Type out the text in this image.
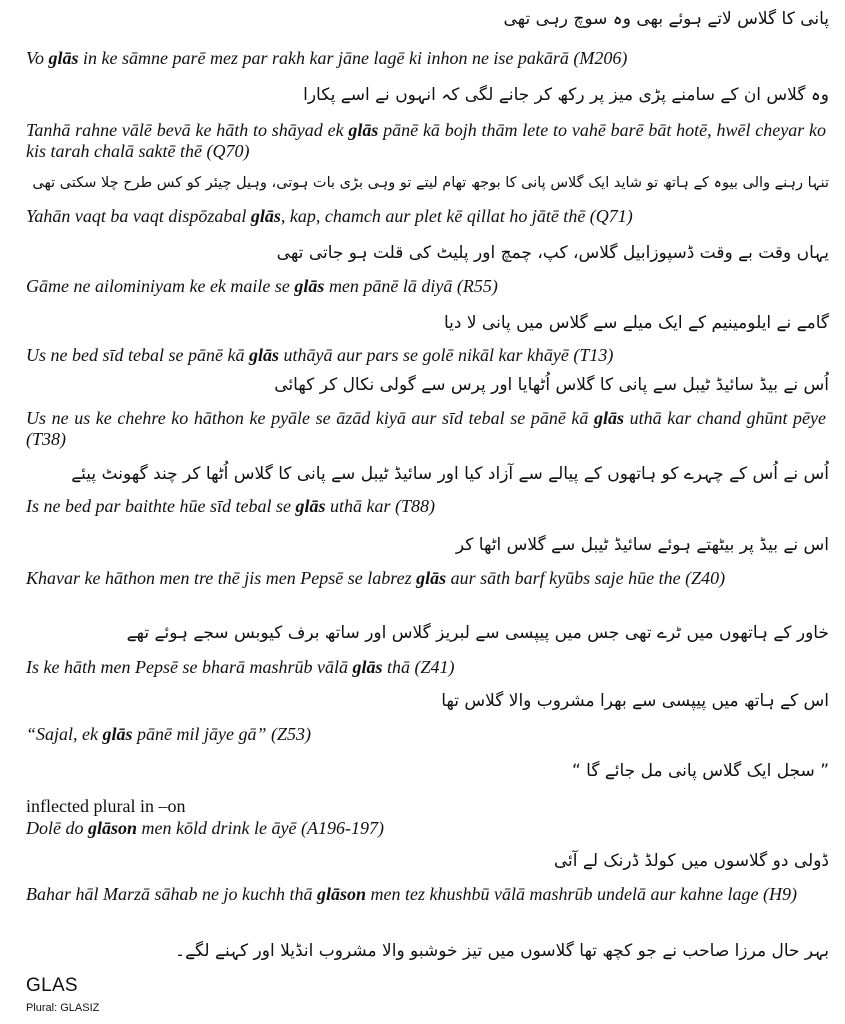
پانی کا گلاس لاتے ہوئے بھی وہ سوچ رہی تھی
Vo glās in ke sāmne parē mez par rakh kar jāne lagē ki inhon ne ise pakārā (M206)
وہ گلاس ان کے سامنے پڑی میز پر رکھ کر جانے لگی کہ انہوں نے اسے پکارا
Tanhā rahne vālē bevā ke hāth to shāyad ek glās pānē kā bojh thām lete to vahē barē bāt hotē, hwēl cheyar ko kis tarah chalā saktē thē (Q70)
تنہا رہنے والی بیوہ کے ہاتھ تو شاید ایک گلاس پانی کا بوجھ تھام لیتے تو وہی بڑی بات ہوتی، وہیل چیئر کو کس طرح چلا سکتی تھی
Yahān vaqt ba vaqt dispōzabal glās, kap, chamch aur plet kē qillat ho jātē thē (Q71)
یہاں وقت بے وقت ڈسپوزابیل گلاس، کپ، چمچ اور پلیٹ کی قلت ہو جاتی تھی
Gāme ne ailominiyam ke ek maile se glās men pānē lā diyā (R55)
گامے نے ایلومینیم کے ایک میلے سے گلاس میں پانی لا دیا
Us ne bed sīd tebal se pānē kā glās uthāyā aur pars se golē nikāl kar khāyē (T13)
اُس نے بیڈ سائیڈ ٹیبل سے پانی کا گلاس اُٹھایا اور پرس سے گولی نکال کر کھائی
Us ne us ke chehre ko hāthon ke pyāle se āzād kiyā aur sīd tebal se pānē kā glās uthā kar chand ghūnt pēye (T38)
اُس نے اُس کے چہرے کو ہاتھوں کے پیالے سے آزاد کیا اور سائیڈ ٹیبل سے پانی کا گلاس اُٹھا کر چند گھونٹ پیئے
Is ne bed par baithte hūe sīd tebal se glās uthā kar (T88)
اس نے بیڈ پر بیٹھتے ہوئے سائیڈ ٹیبل سے گلاس اٹھا کر
Khavar ke hāthon men tre thē jis men Pepsē se labrez glās aur sāth barf kyūbs saje hūe the (Z40)
خاور کے ہاتھوں میں ٹرے تھی جس میں پیپسی سے لبریز گلاس اور ساتھ برف کیوبس سجے ہوئے تھے
Is ke hāth men Pepsē se bharā mashrūb vālā glās thā (Z41)
اس کے ہاتھ میں پیپسی سے بھرا مشروب والا گلاس تھا
“Sajal, ek glās pānē mil jāye gā” (Z53)
” سجل ایک گلاس پانی مل جائے گا “
inflected plural in –on
Dolē do glāson men kōld drink le āyē (A196-197)
ڈولی دو گلاسوں میں کولڈ ڈرنک لے آئی
Bahar hāl Marzā sāhab ne jo kuchh thā glāson men tez khushbū vālā mashrūb undelā aur kahne lage (H9)
بہر حال مرزا صاحب نے جو کچھ تھا گلاسوں میں تیز خوشبو والا مشروب انڈیلا اور کہنے لگے۔
GLAS
Plural: GLASIZ
